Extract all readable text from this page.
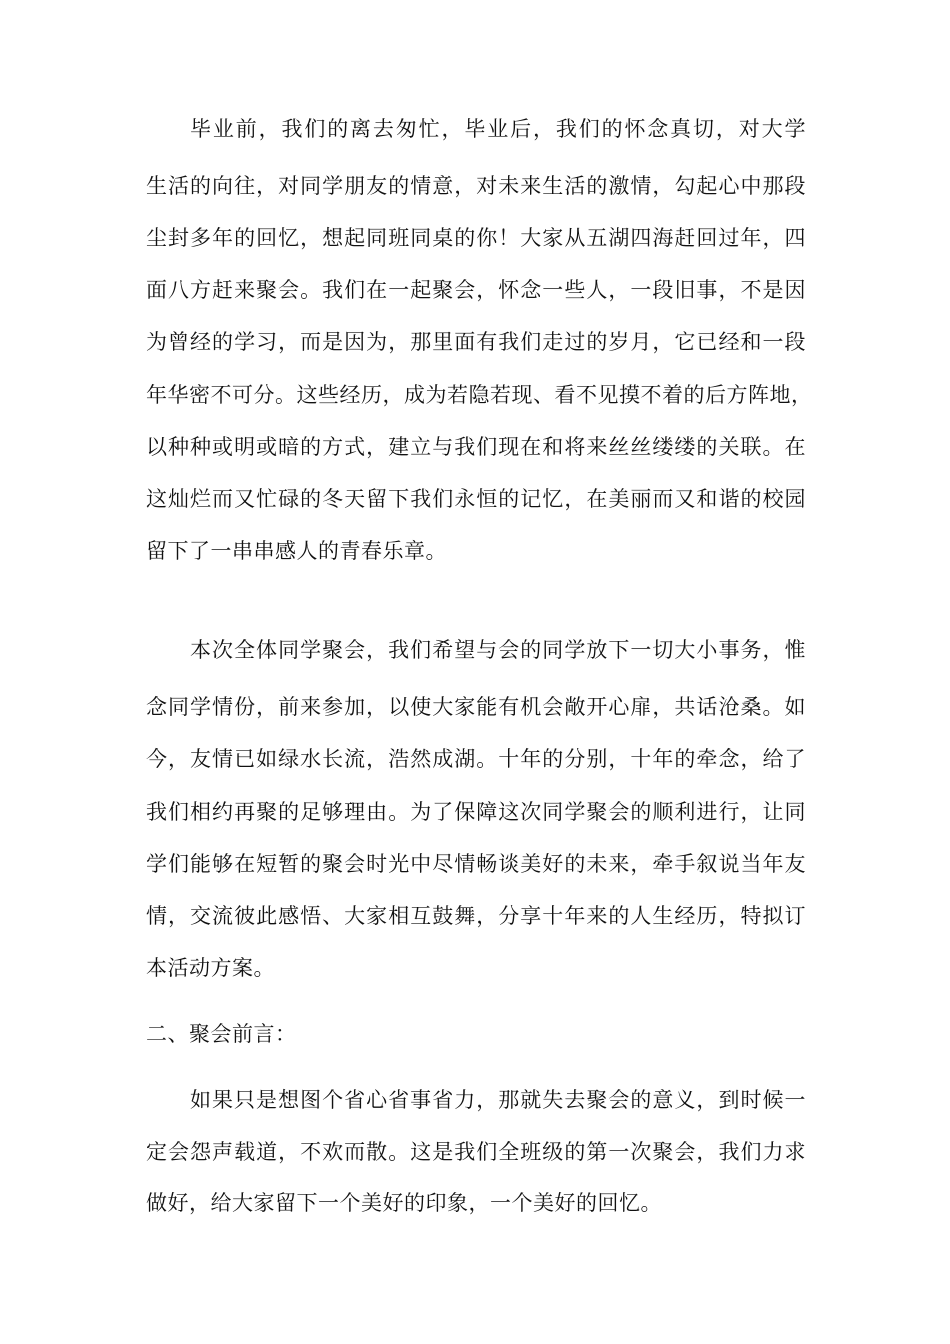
毕业前，我们的离去匆忙，毕业后，我们的怀念真切，对大学

生活的向往，对同学朋友的情意，对未来生活的激情，勾起心中那段

尘封多年的回忆，想起同班同桌的你！大家从五湖四海赶回过年，四

面八方赶来聚会。我们在一起聚会，怀念一些人，一段旧事，不是因

为曾经的学习，而是因为，那里面有我们走过的岁月，它已经和一段

年华密不可分。这些经历，成为若隐若现、看不见摸不着的后方阵地，

以种种或明或暗的方式，建立与我们现在和将来丝丝缕缕的关联。在

这灿烂而又忙碌的冬天留下我们永恒的记忆，在美丽而又和谐的校园

留下了一串串感人的青春乐章。

本次全体同学聚会，我们希望与会的同学放下一切大小事务，惟

念同学情份，前来参加，以使大家能有机会敞开心扉，共话沧桑。如

今，友情已如绿水长流，浩然成湖。十年的分别，十年的牵念，给了

我们相约再聚的足够理由。为了保障这次同学聚会的顺利进行，让同

学们能够在短暂的聚会时光中尽情畅谈美好的未来，牵手叙说当年友

情，交流彼此感悟、大家相互鼓舞，分享十年来的人生经历，特拟订

本活动方案。

二、聚会前言：

如果只是想图个省心省事省力，那就失去聚会的意义，到时候一

定会怨声载道，不欢而散。这是我们全班级的第一次聚会，我们力求

做好，给大家留下一个美好的印象，一个美好的回忆。
